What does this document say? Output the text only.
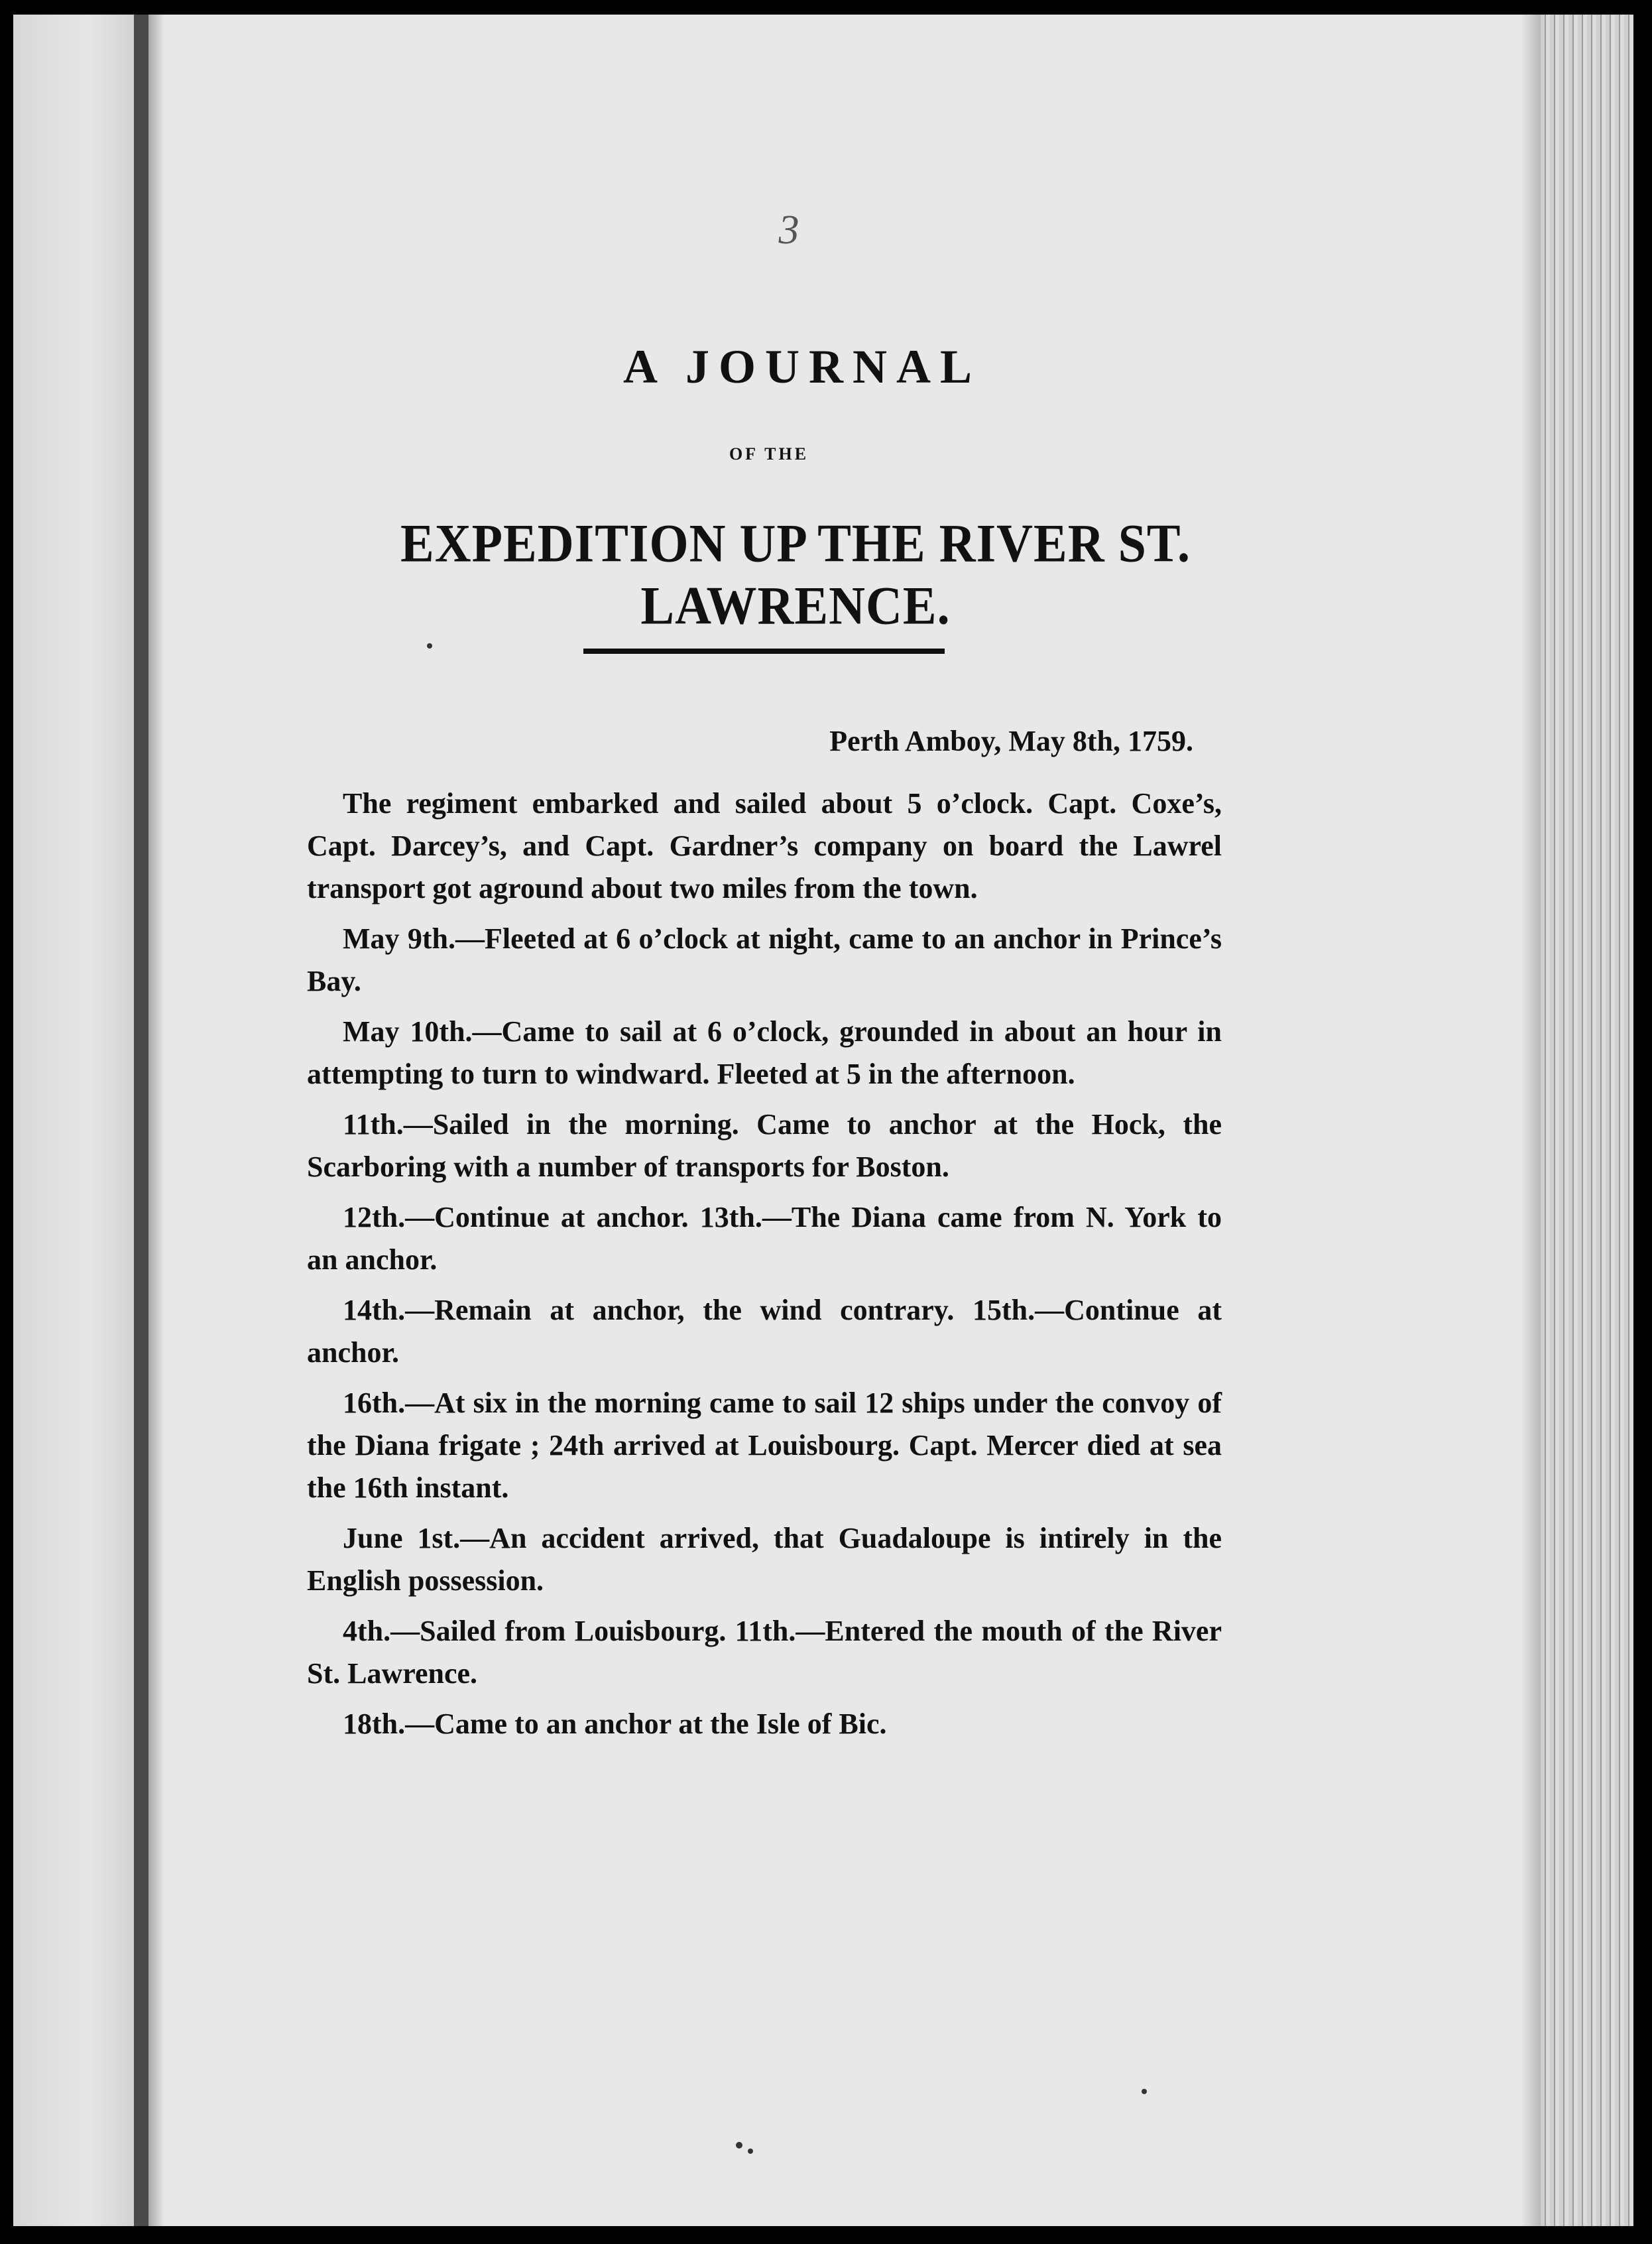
3
A JOURNAL
OF THE
EXPEDITION UP THE RIVER ST. LAWRENCE.
Perth Amboy, May 8th, 1759.

The regiment embarked and sailed about 5 o’clock. Capt. Coxe’s, Capt. Darcey’s, and Capt. Gardner’s company on board the Lawrel transport got aground about two miles from the town.

May 9th.—Fleeted at 6 o’clock at night, came to an anchor in Prince’s Bay.

May 10th.—Came to sail at 6 o’clock, grounded in about an hour in attempting to turn to windward. Fleeted at 5 in the afternoon.

11th.—Sailed in the morning. Came to anchor at the Hock, the Scarboring with a number of transports for Boston.

12th.—Continue at anchor. 13th.—The Diana came from N. York to an anchor.

14th.—Remain at anchor, the wind contrary. 15th.—Continue at anchor.

16th.—At six in the morning came to sail 12 ships under the convoy of the Diana frigate ; 24th arrived at Louisbourg. Capt. Mercer died at sea the 16th instant.

June 1st.—An accident arrived, that Guadaloupe is intirely in the English possession.

4th.—Sailed from Louisbourg. 11th.—Entered the mouth of the River St. Lawrence.

18th.—Came to an anchor at the Isle of Bic.
